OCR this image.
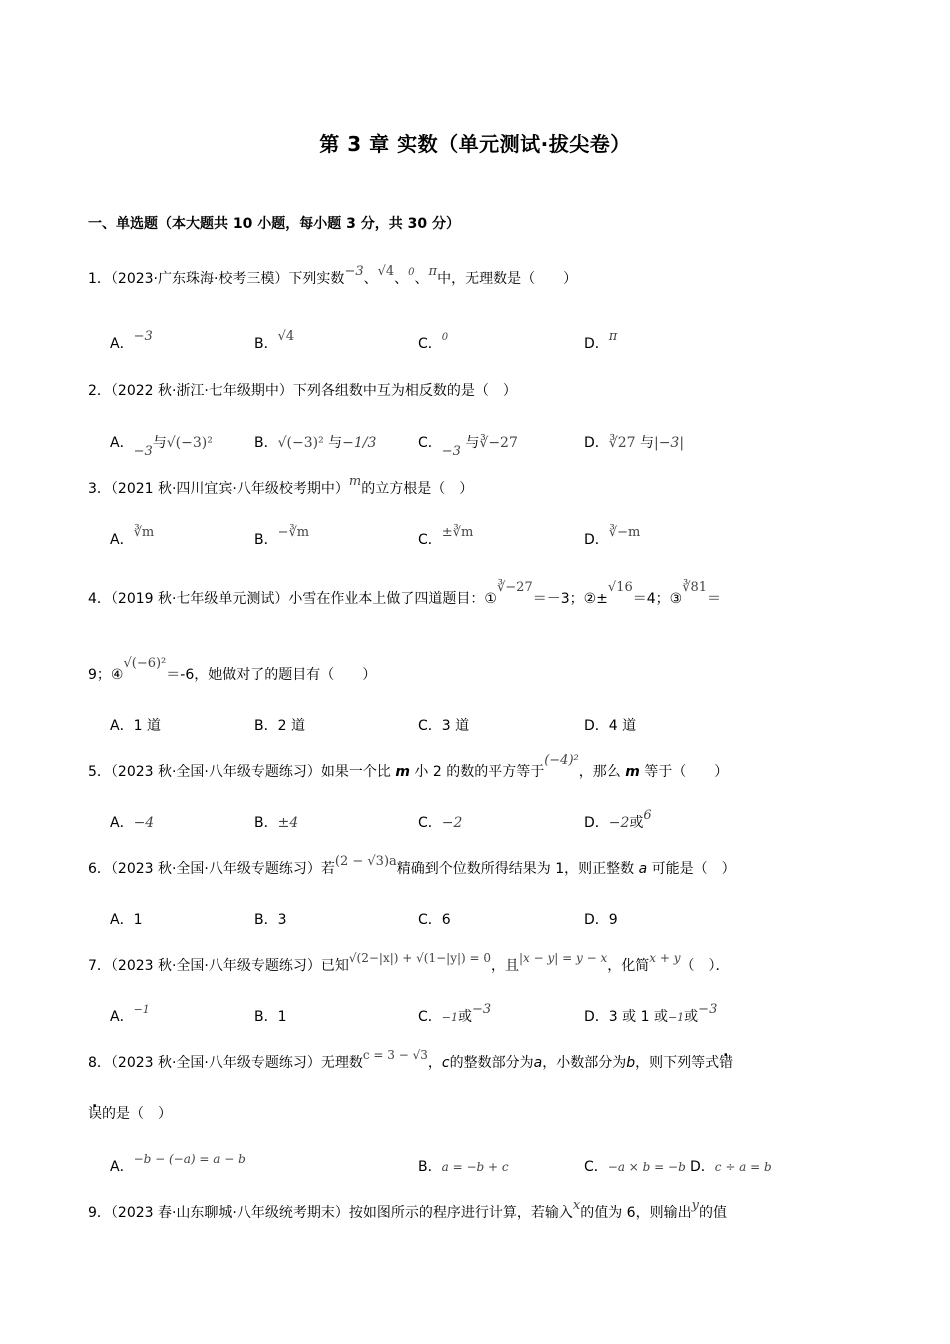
第 3 章 实数（单元测试·拔尖卷）
一、单选题（本大题共 10 小题，每小题 3 分，共 30 分）
1．（2023·广东珠海·校考三模）下列实数−3、√4、$^0$、π中，无理数是（　　）
A．−3	B．√4	C．$^0$	D．π
2．（2022 秋·浙江·七年级期中）下列各组数中互为相反数的是（　）
A．−3与√(−3)²	B．√(−3)² 与−1/3	C．−3 与∛−27	D．∛27 与|−3|
3．（2021 秋·四川宜宾·八年级校考期中）m的立方根是（　）
A．∛m	B．−∛m	C．±∛m	D．∛−m
4．（2019 秋·七年级单元测试）小雪在作业本上做了四道题目：①∛−27＝－3；②±√16＝4；③∛81＝
9；④√(−6)²＝-6，她做对了的题目有（　　）
A．1 道	B．2 道	C．3 道	D．4 道
5．（2023 秋·全国·八年级专题练习）如果一个比 m 小 2 的数的平方等于(−4)²，那么 m 等于（　　）
A．−4	B．±4	C．−2	D．−2或6
6．（2023 秋·全国·八年级专题练习）若(2 − √3)a精确到个位数所得结果为 1，则正整数 a 可能是（　）
A．1	B．3	C．6	D．9
7．（2023 秋·全国·八年级专题练习）已知√(2−|x|) + √(1−|y|) = 0，且|x − y| = y − x，化简x + y（　）．
A．$^{-1}$	B．1	C．−1或−3	D．3 或 1 或−1或−3
8．（2023 秋·全国·八年级专题练习）无理数c = 3 − √3，c的整数部分为a，小数部分为b，则下列等式错
误的是（　）
A．−b − (−a) = a − b	B．a = −b + c	C．−a × b = −b D．c ÷ a = b
9．（2023 春·山东聊城·八年级统考期末）按如图所示的程序进行计算，若输入x的值为 6，则输出y的值
